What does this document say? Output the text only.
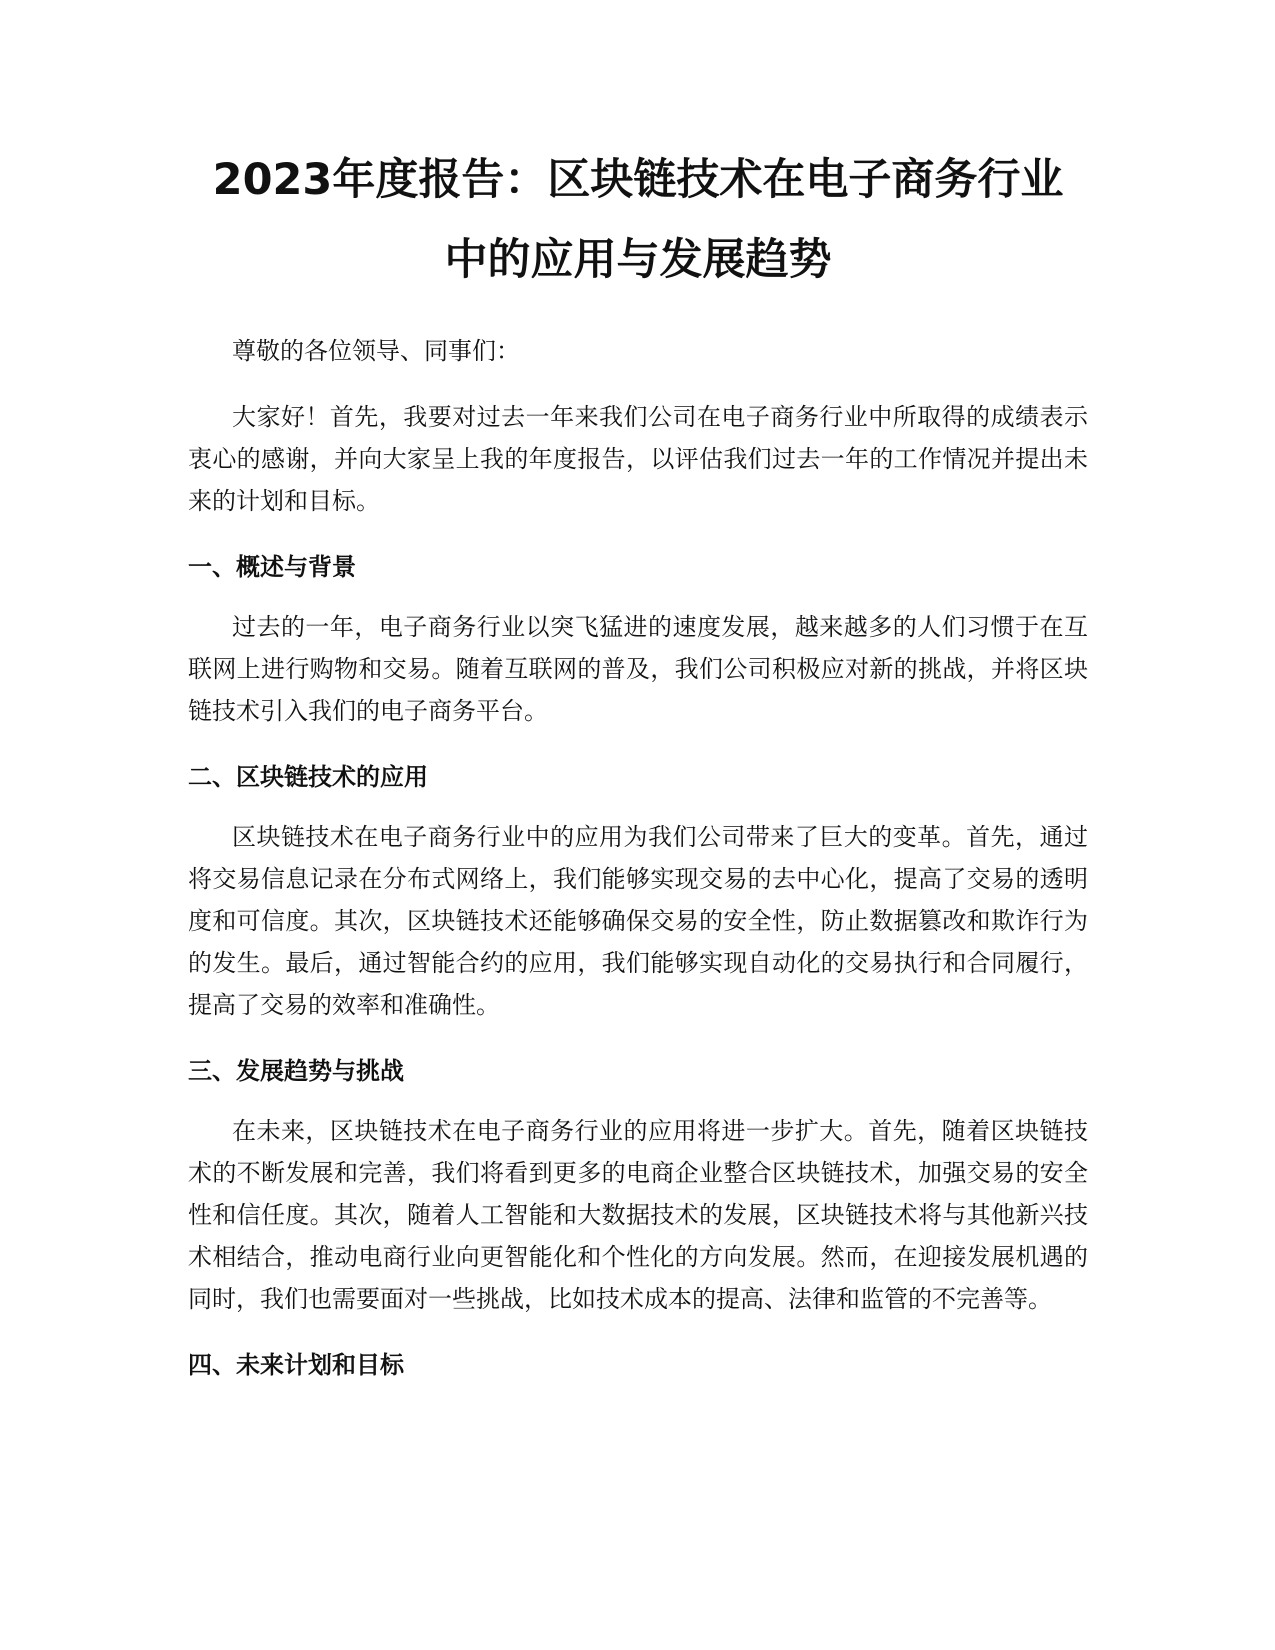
2023年度报告：区块链技术在电子商务行业
中的应用与发展趋势

尊敬的各位领导、同事们：

大家好！首先，我要对过去一年来我们公司在电子商务行业中所取得的成绩表示衷心的感谢，并向大家呈上我的年度报告，以评估我们过去一年的工作情况并提出未来的计划和目标。

一、概述与背景

过去的一年，电子商务行业以突飞猛进的速度发展，越来越多的人们习惯于在互联网上进行购物和交易。随着互联网的普及，我们公司积极应对新的挑战，并将区块链技术引入我们的电子商务平台。

二、区块链技术的应用

区块链技术在电子商务行业中的应用为我们公司带来了巨大的变革。首先，通过将交易信息记录在分布式网络上，我们能够实现交易的去中心化，提高了交易的透明度和可信度。其次，区块链技术还能够确保交易的安全性，防止数据篡改和欺诈行为的发生。最后，通过智能合约的应用，我们能够实现自动化的交易执行和合同履行，提高了交易的效率和准确性。

三、发展趋势与挑战

在未来，区块链技术在电子商务行业的应用将进一步扩大。首先，随着区块链技术的不断发展和完善，我们将看到更多的电商企业整合区块链技术，加强交易的安全性和信任度。其次，随着人工智能和大数据技术的发展，区块链技术将与其他新兴技术相结合，推动电商行业向更智能化和个性化的方向发展。然而，在迎接发展机遇的同时，我们也需要面对一些挑战，比如技术成本的提高、法律和监管的不完善等。

四、未来计划和目标
